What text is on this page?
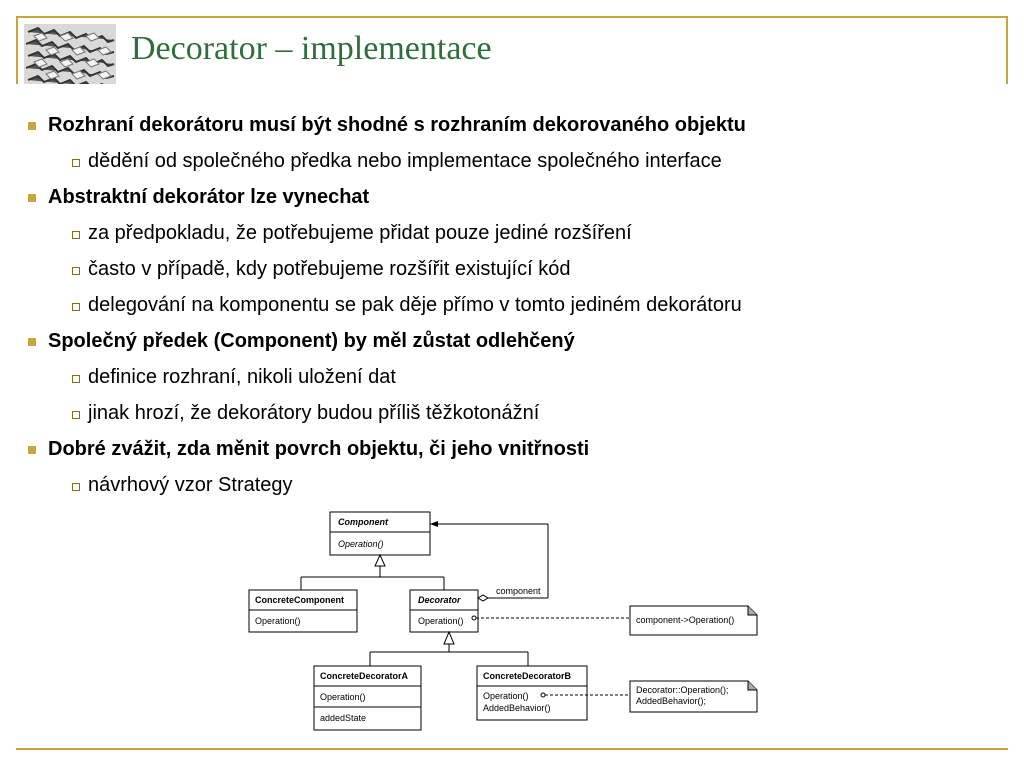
Decorator – implementace
Rozhraní dekorátoru musí být shodné s rozhraním dekorovaného objektu
dědění od společného předka nebo implementace společného interface
Abstraktní dekorátor lze vynechat
za předpokladu, že potřebujeme přidat pouze jediné rozšíření
často v případě, kdy potřebujeme rozšířit existující kód
delegování na komponentu se pak děje přímo v tomto jediném dekorátoru
Společný předek (Component) by měl zůstat odlehčený
definice rozhraní, nikoli uložení dat
jinak hrozí, že dekorátory budou příliš těžkotonážní
Dobré zvážit, zda měnit povrch objektu, či jeho vnitřnosti
návrhový vzor Strategy
Component
Operation()
ConcreteComponent
Operation()
Decorator
Operation()
component
component->Operation()
ConcreteDecoratorA
Operation()
addedState
ConcreteDecoratorB
Operation()
AddedBehavior()
Decorator::Operation();
AddedBehavior();
